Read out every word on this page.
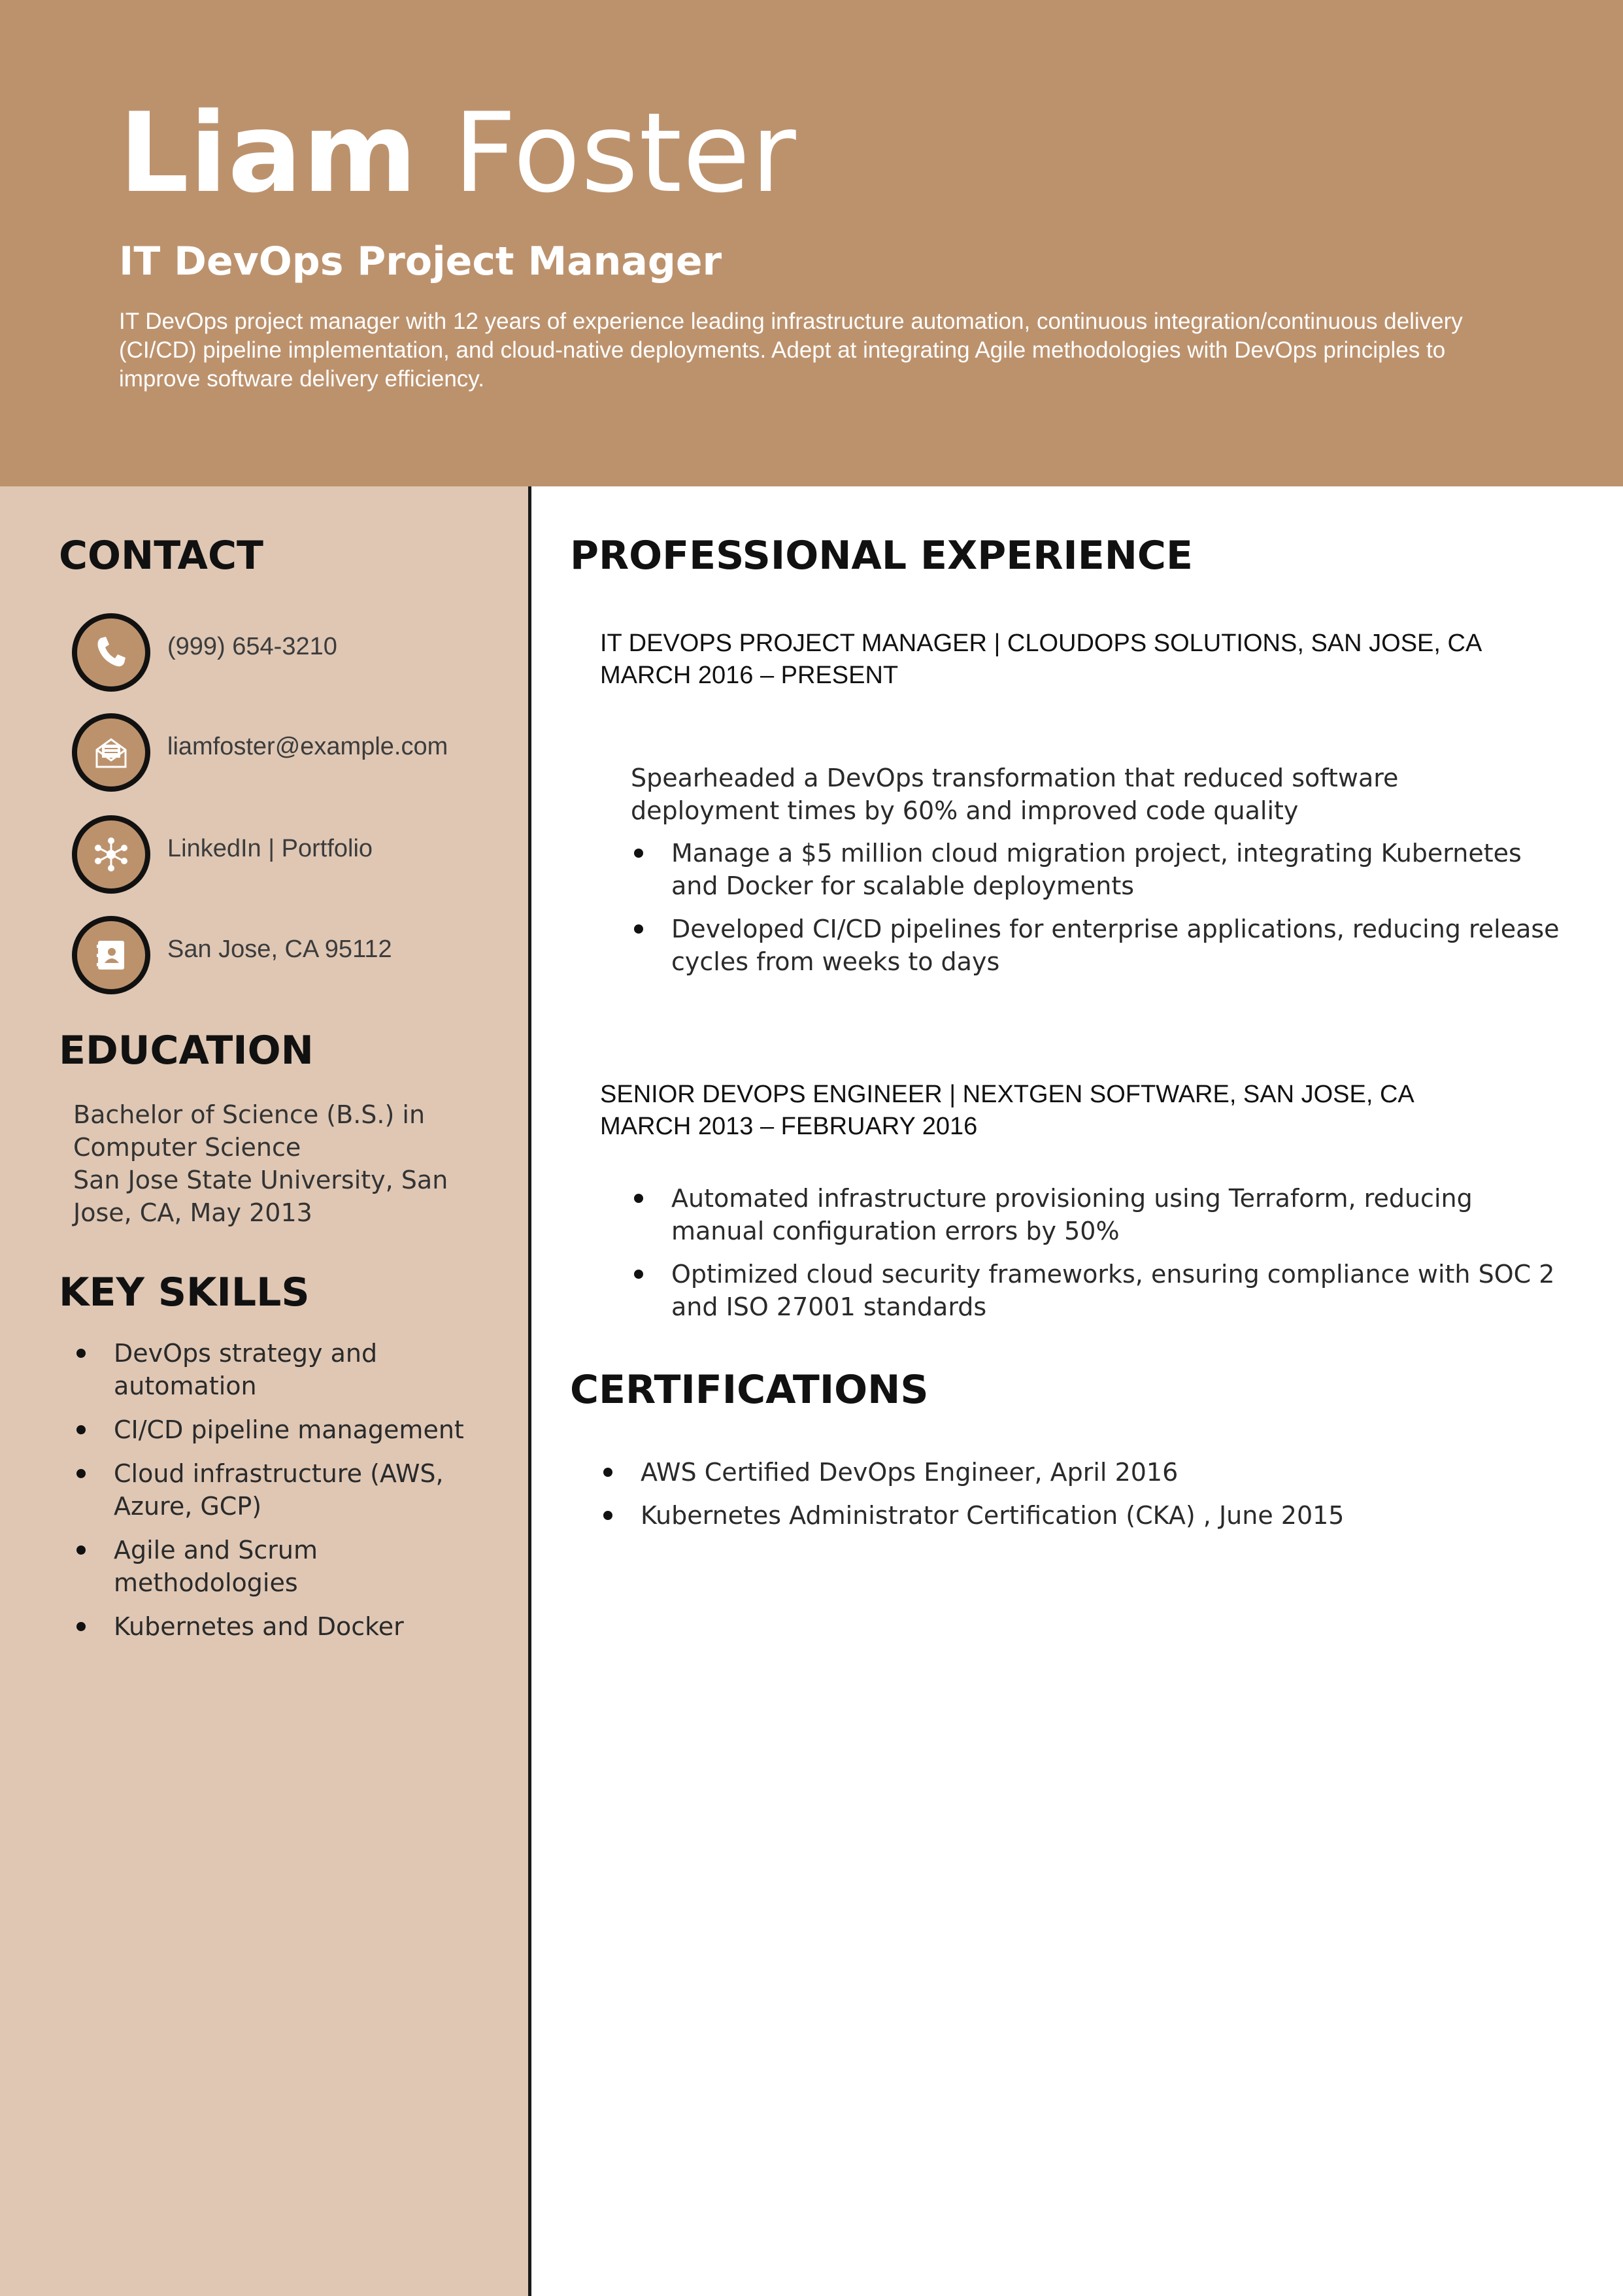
Liam Foster
IT DevOps Project Manager
IT DevOps project manager with 12 years of experience leading infrastructure automation, continuous integration/continuous delivery (CI/CD) pipeline implementation, and cloud-native deployments. Adept at integrating Agile methodologies with DevOps principles to improve software delivery efficiency.
CONTACT
(999) 654-3210
liamfoster@example.com
LinkedIn | Portfolio
San Jose, CA 95112
EDUCATION
Bachelor of Science (B.S.) in Computer Science
San Jose State University, San Jose, CA, May 2013
KEY SKILLS
DevOps strategy and automation
CI/CD pipeline management
Cloud infrastructure (AWS, Azure, GCP)
Agile and Scrum methodologies
Kubernetes and Docker
PROFESSIONAL EXPERIENCE
IT DEVOPS PROJECT MANAGER | CLOUDOPS SOLUTIONS, SAN JOSE, CA
MARCH 2016 – PRESENT
Spearheaded a DevOps transformation that reduced software deployment times by 60% and improved code quality
Manage a $5 million cloud migration project, integrating Kubernetes and Docker for scalable deployments
Developed CI/CD pipelines for enterprise applications, reducing release cycles from weeks to days
SENIOR DEVOPS ENGINEER | NEXTGEN SOFTWARE, SAN JOSE, CA
MARCH 2013 – FEBRUARY 2016
Automated infrastructure provisioning using Terraform, reducing manual configuration errors by 50%
Optimized cloud security frameworks, ensuring compliance with SOC 2 and ISO 27001 standards
CERTIFICATIONS
AWS Certified DevOps Engineer, April 2016
Kubernetes Administrator Certification (CKA) , June 2015
